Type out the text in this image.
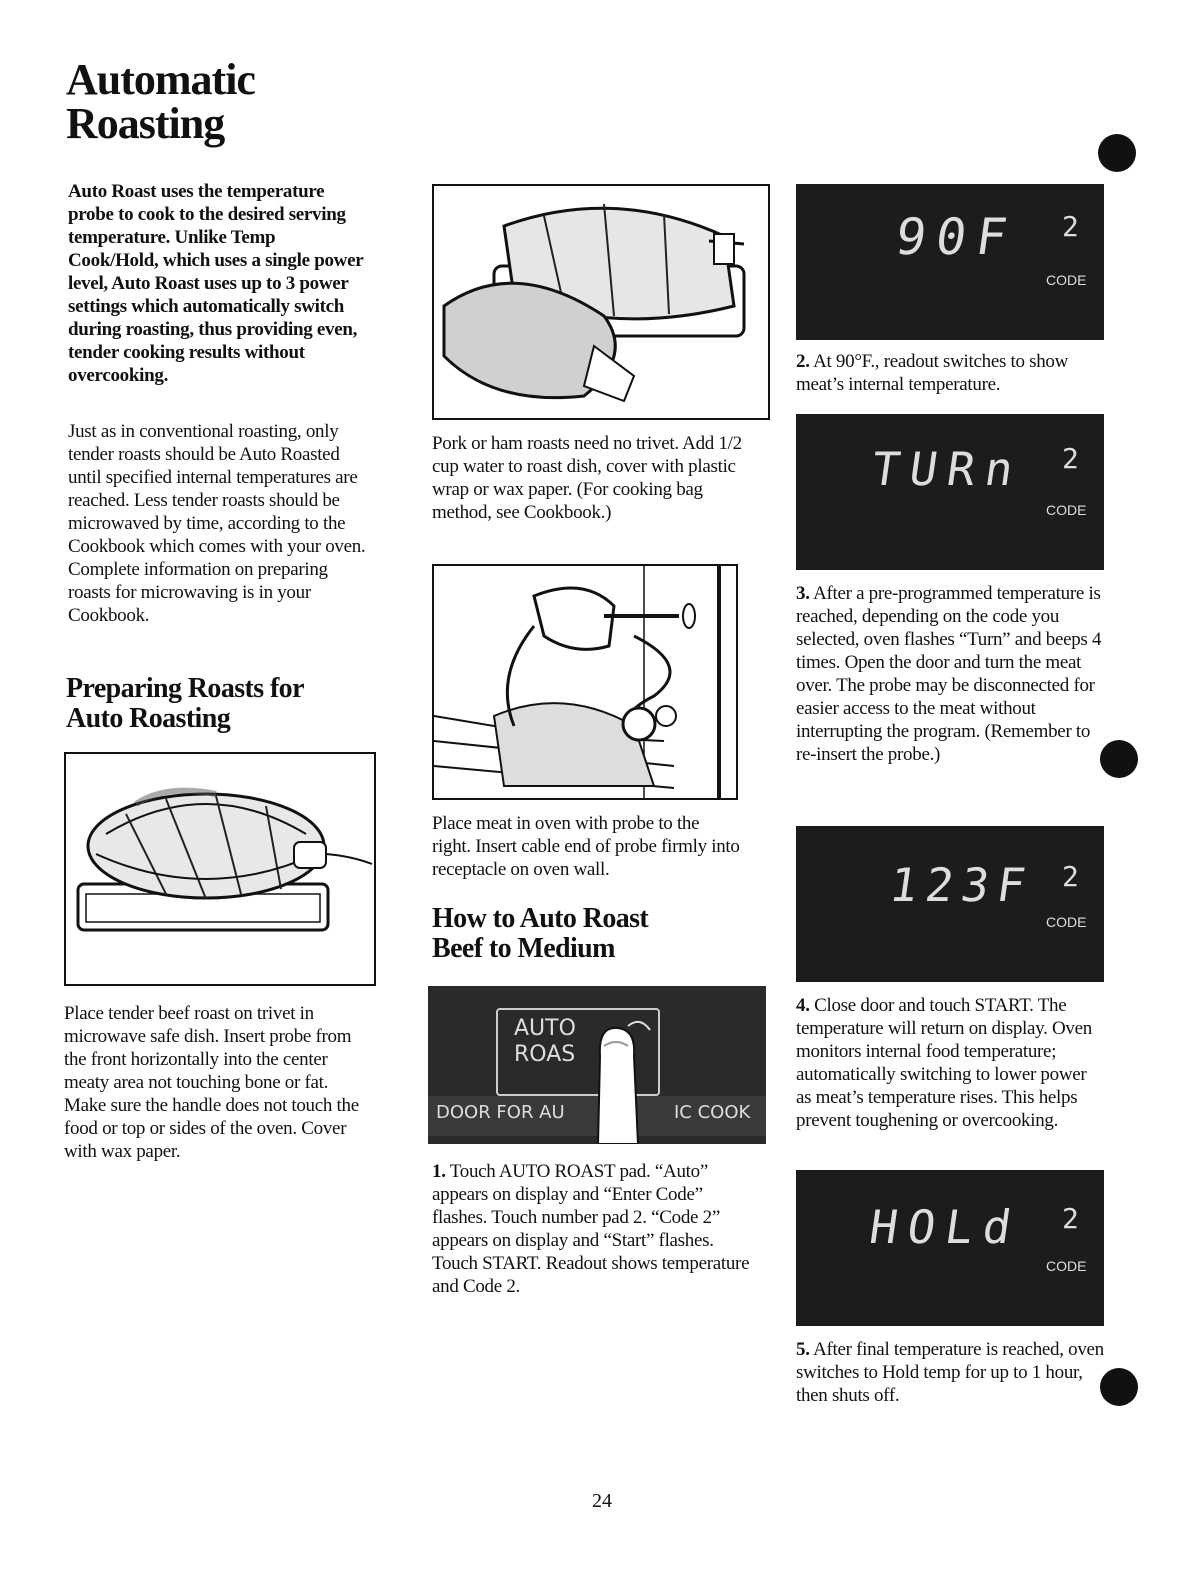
Automatic
Roasting
Auto Roast uses the temperature probe to cook to the desired serving temperature. Unlike Temp Cook/Hold, which uses a single power level, Auto Roast uses up to 3 power settings which automatically switch during roasting, thus providing even, tender cooking results without overcooking.
Just as in conventional roasting, only tender roasts should be Auto Roasted until specified internal temperatures are reached. Less tender roasts should be microwaved by time, according to the Cookbook which comes with your oven. Complete information on preparing roasts for microwaving is in your Cookbook.
Preparing Roasts for
Auto Roasting
Place tender beef roast on trivet in microwave safe dish. Insert probe from the front horizontally into the center meaty area not touching bone or fat. Make sure the handle does not touch the food or top or sides of the oven. Cover with wax paper.
Pork or ham roasts need no trivet. Add 1/2 cup water to roast dish, cover with plastic wrap or wax paper. (For cooking bag method, see Cookbook.)
Place meat in oven with probe to the right. Insert cable end of probe firmly into receptacle on oven wall.
How to Auto Roast
Beef to Medium
AUTO
ROAS
DOOR FOR AU	IC COOK
1. Touch AUTO ROAST pad. “Auto” appears on display and “Enter Code” flashes. Touch number pad 2. “Code 2” appears on display and “Start” flashes. Touch START. Readout shows temperature and Code 2.
90F 2
CODE
2. At 90°F., readout switches to show meat’s internal temperature.
TURn 2
CODE
3. After a pre-programmed temperature is reached, depending on the code you selected, oven flashes “Turn” and beeps 4 times. Open the door and turn the meat over. The probe may be disconnected for easier access to the meat without interrupting the program. (Remember to re-insert the probe.)
123F 2
CODE
4. Close door and touch START. The temperature will return on display. Oven monitors internal food temperature; automatically switching to lower power as meat’s temperature rises. This helps prevent toughening or overcooking.
HOLd 2
CODE
5. After final temperature is reached, oven switches to Hold temp for up to 1 hour, then shuts off.
24
